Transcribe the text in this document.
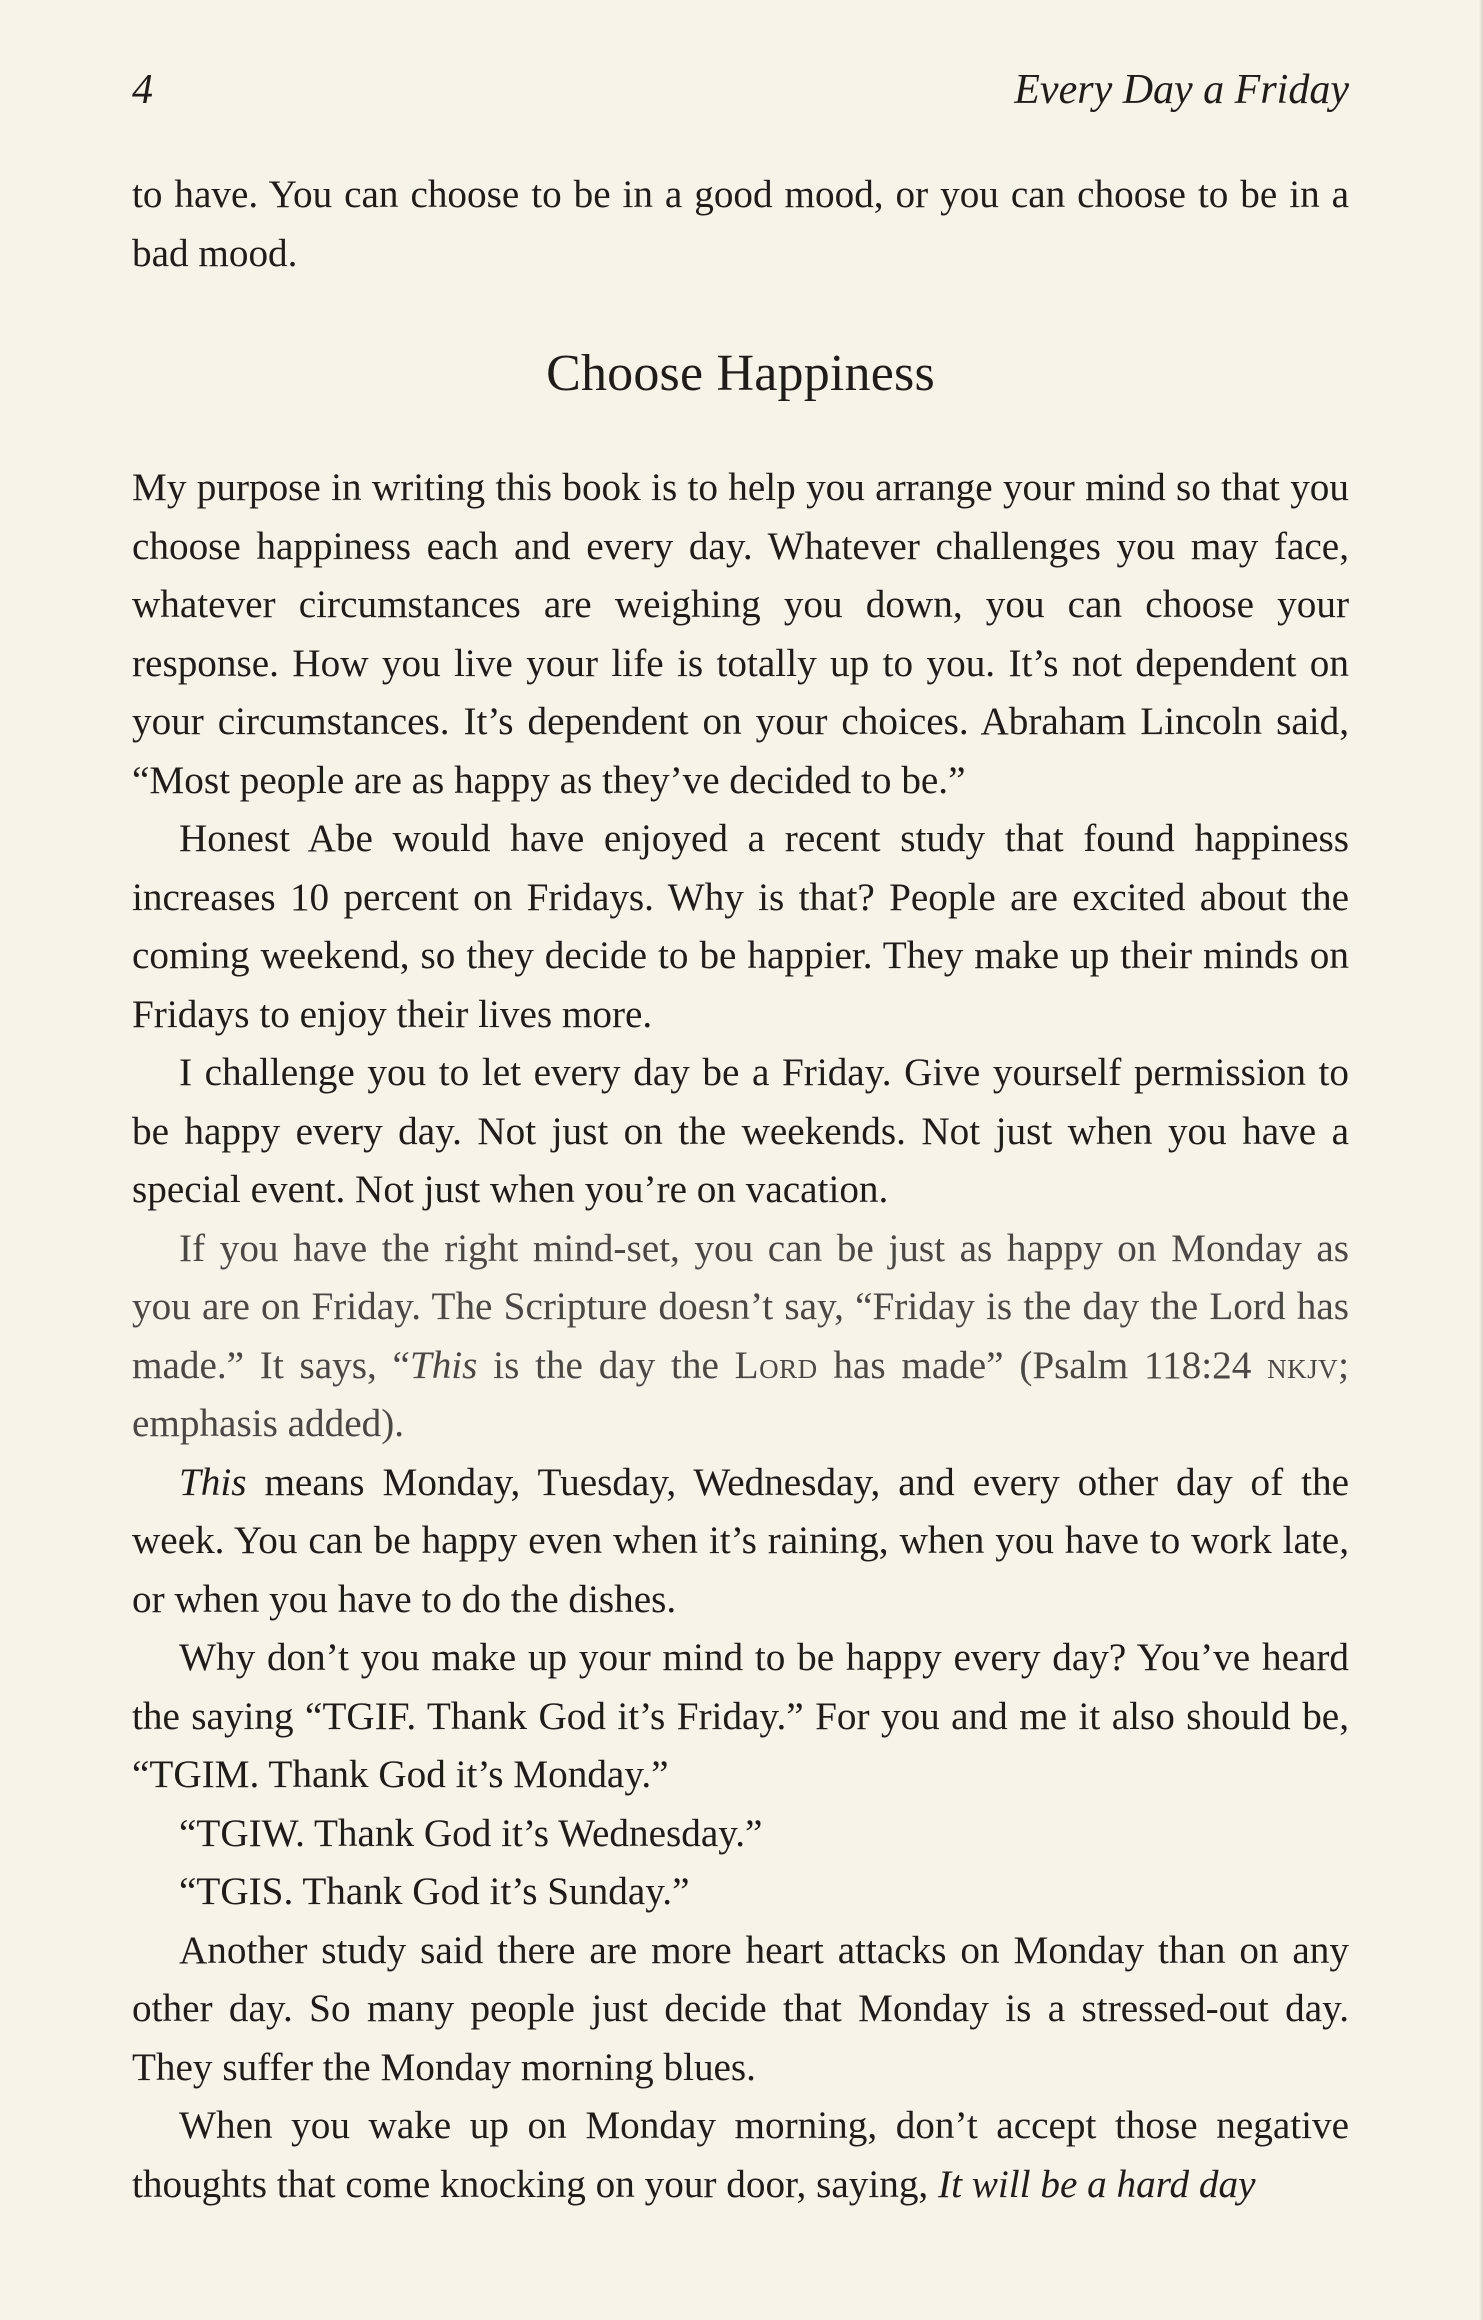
4	Every Day a Friday

to have. You can choose to be in a good mood, or you can choose to be in a bad mood.

Choose Happiness

My purpose in writing this book is to help you arrange your mind so that you choose happiness each and every day. Whatever challenges you may face, whatever circumstances are weighing you down, you can choose your response. How you live your life is totally up to you. It’s not dependent on your circumstances. It’s dependent on your choices. Abraham Lincoln said, “Most people are as happy as they’ve decided to be.”

Honest Abe would have enjoyed a recent study that found happiness increases 10 percent on Fridays. Why is that? People are excited about the coming weekend, so they decide to be happier. They make up their minds on Fridays to enjoy their lives more.

I challenge you to let every day be a Friday. Give yourself permission to be happy every day. Not just on the weekends. Not just when you have a special event. Not just when you’re on vacation.

If you have the right mind-set, you can be just as happy on Monday as you are on Friday. The Scripture doesn’t say, “Friday is the day the Lord has made.” It says, “This is the day the Lord has made” (Psalm 118:24 nkjv; emphasis added).

This means Monday, Tuesday, Wednesday, and every other day of the week. You can be happy even when it’s raining, when you have to work late, or when you have to do the dishes.

Why don’t you make up your mind to be happy every day? You’ve heard the saying “TGIF. Thank God it’s Friday.” For you and me it also should be, “TGIM. Thank God it’s Monday.”

“TGIW. Thank God it’s Wednesday.”

“TGIS. Thank God it’s Sunday.”

Another study said there are more heart attacks on Monday than on any other day. So many people just decide that Monday is a stressed-out day. They suffer the Monday morning blues.

When you wake up on Monday morning, don’t accept those negative thoughts that come knocking on your door, saying, It will be a hard day
